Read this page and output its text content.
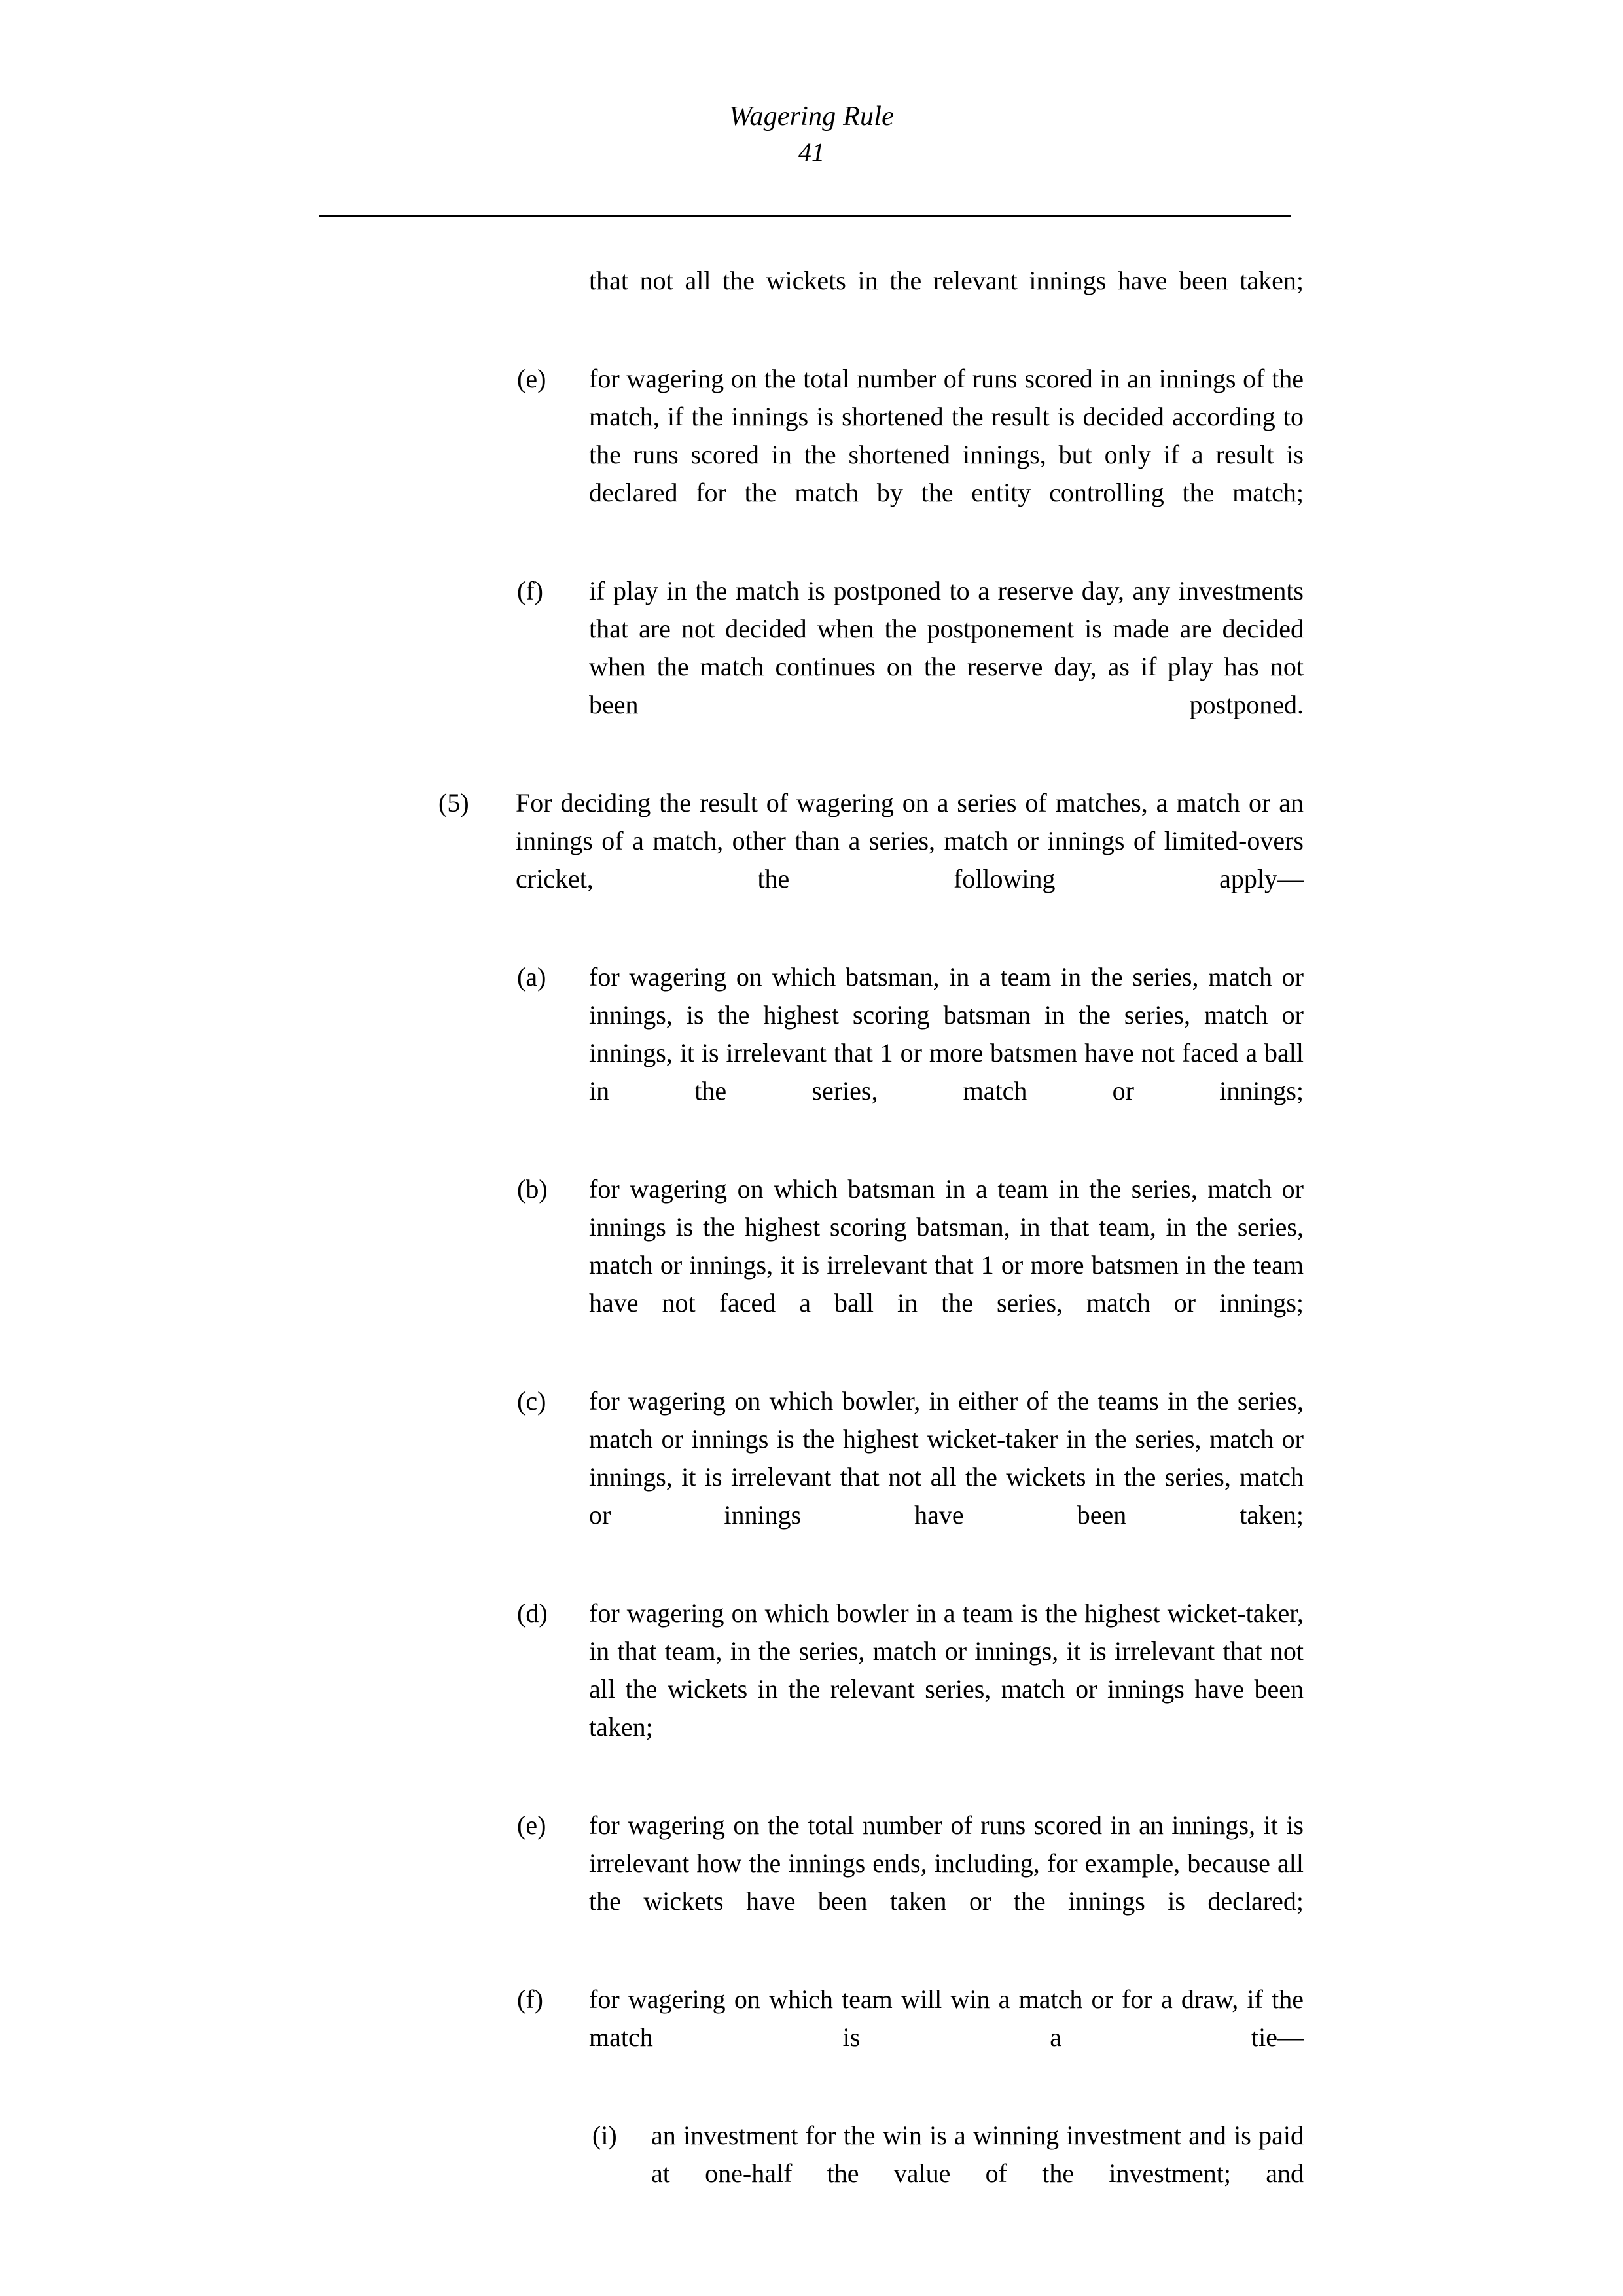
Wagering Rule
41
that not all the wickets in the relevant innings have been taken;
(e) for wagering on the total number of runs scored in an innings of the match, if the innings is shortened the result is decided according to the runs scored in the shortened innings, but only if a result is declared for the match by the entity controlling the match;
(f) if play in the match is postponed to a reserve day, any investments that are not decided when the postponement is made are decided when the match continues on the reserve day, as if play has not been postponed.
(5) For deciding the result of wagering on a series of matches, a match or an innings of a match, other than a series, match or innings of limited-overs cricket, the following apply—
(a) for wagering on which batsman, in a team in the series, match or innings, is the highest scoring batsman in the series, match or innings, it is irrelevant that 1 or more batsmen have not faced a ball in the series, match or innings;
(b) for wagering on which batsman in a team in the series, match or innings is the highest scoring batsman, in that team, in the series, match or innings, it is irrelevant that 1 or more batsmen in the team have not faced a ball in the series, match or innings;
(c) for wagering on which bowler, in either of the teams in the series, match or innings is the highest wicket-taker in the series, match or innings, it is irrelevant that not all the wickets in the series, match or innings have been taken;
(d) for wagering on which bowler in a team is the highest wicket-taker, in that team, in the series, match or innings, it is irrelevant that not all the wickets in the relevant series, match or innings have been taken;
(e) for wagering on the total number of runs scored in an innings, it is irrelevant how the innings ends, including, for example, because all the wickets have been taken or the innings is declared;
(f) for wagering on which team will win a match or for a draw, if the match is a tie—
(i) an investment for the win is a winning investment and is paid at one-half the value of the investment; and
